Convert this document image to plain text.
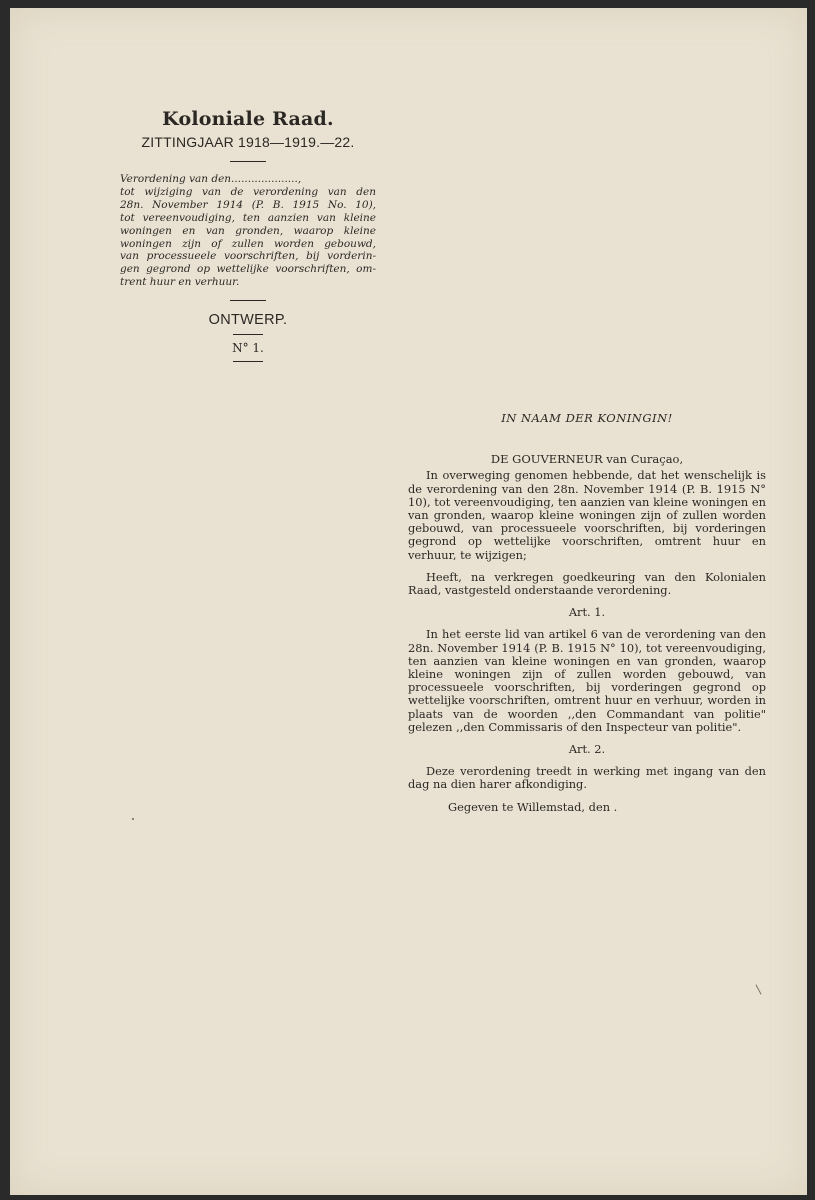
Koloniale Raad.
ZITTINGJAAR 1918—1919.—22.
Verordening van den....................,
tot wijziging van de verordening van den
28n. November 1914 (P. B. 1915 No. 10),
tot vereenvoudiging, ten aanzien van kleine
woningen en van gronden, waarop kleine
woningen zijn of zullen worden gebouwd,
van processueele voorschriften, bij vorderin-
gen gegrond op wettelijke voorschriften, om-
trent huur en verhuur.
ONTWERP.
N° 1.

IN NAAM DER KONINGIN!

DE GOUVERNEUR van Curaçao,

In overweging genomen hebbende, dat het wenschelijk is de verordening van den 28n. November 1914 (P. B. 1915 N° 10), tot vereenvoudiging, ten aanzien van kleine woningen en van gronden, waarop kleine woningen zijn of zullen worden gebouwd, van processueele voorschriften, bij vorderingen gegrond op wettelijke voorschriften, omtrent huur en verhuur, te wijzigen;

Heeft, na verkregen goedkeuring van den Kolonialen Raad, vastgesteld onderstaande verordening.

Art. 1.

In het eerste lid van artikel 6 van de verordening van den 28n. November 1914 (P. B. 1915 N° 10), tot vereenvoudiging, ten aanzien van kleine woningen en van gronden, waarop kleine woningen zijn of zullen worden gebouwd, van processueele voorschriften, bij vorderingen gegrond op wettelijke voorschriften, omtrent huur en verhuur, worden in plaats van de woorden ,,den Commandant van politie" gelezen ,,den Commissaris of den Inspecteur van politie".

Art. 2.

Deze verordening treedt in werking met ingang van den dag na dien harer afkondiging.

Gegeven te Willemstad, den .
